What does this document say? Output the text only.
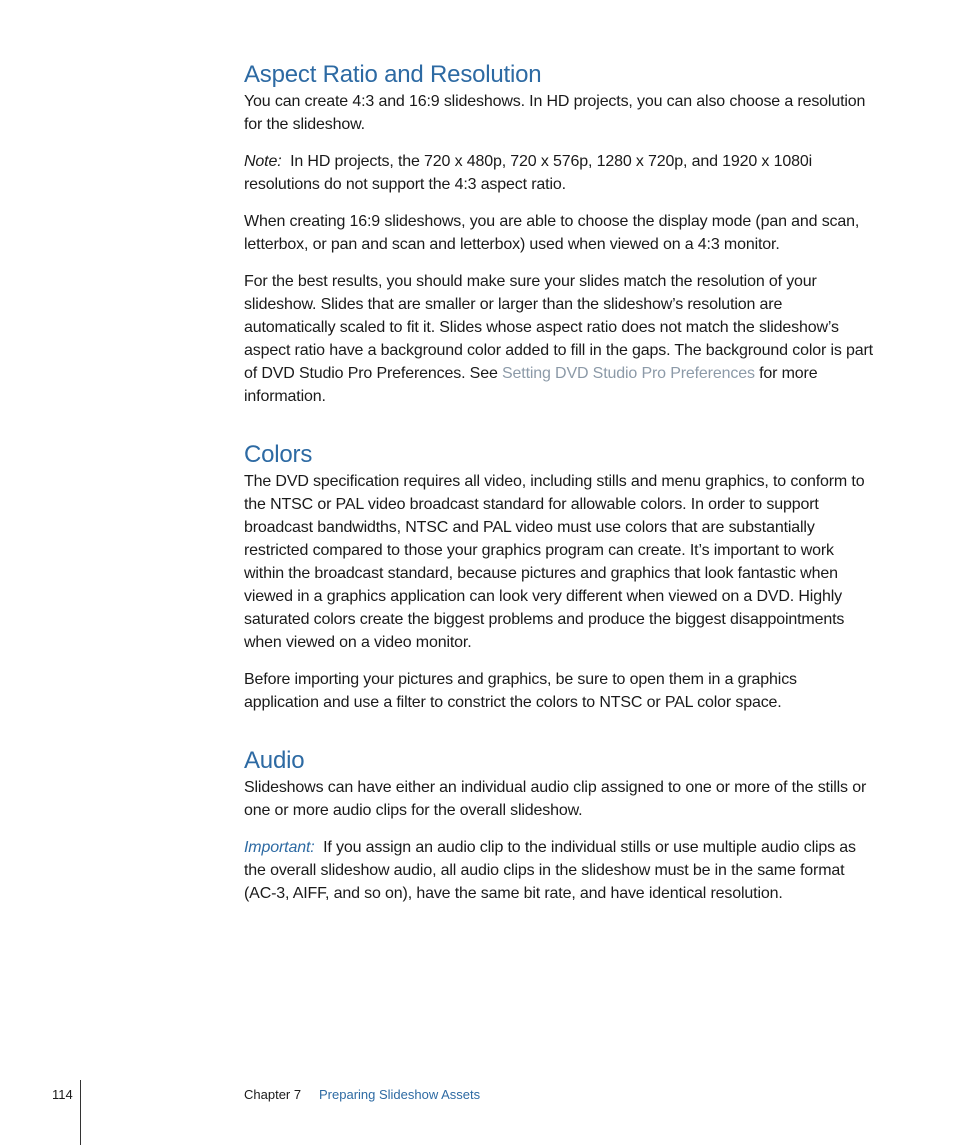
Aspect Ratio and Resolution

You can create 4:3 and 16:9 slideshows. In HD projects, you can also choose a resolution for the slideshow.

Note: In HD projects, the 720 x 480p, 720 x 576p, 1280 x 720p, and 1920 x 1080i resolutions do not support the 4:3 aspect ratio.

When creating 16:9 slideshows, you are able to choose the display mode (pan and scan, letterbox, or pan and scan and letterbox) used when viewed on a 4:3 monitor.

For the best results, you should make sure your slides match the resolution of your slideshow. Slides that are smaller or larger than the slideshow’s resolution are automatically scaled to fit it. Slides whose aspect ratio does not match the slideshow’s aspect ratio have a background color added to fill in the gaps. The background color is part of DVD Studio Pro Preferences. See Setting DVD Studio Pro Preferences for more information.

Colors

The DVD specification requires all video, including stills and menu graphics, to conform to the NTSC or PAL video broadcast standard for allowable colors. In order to support broadcast bandwidths, NTSC and PAL video must use colors that are substantially restricted compared to those your graphics program can create. It’s important to work within the broadcast standard, because pictures and graphics that look fantastic when viewed in a graphics application can look very different when viewed on a DVD. Highly saturated colors create the biggest problems and produce the biggest disappointments when viewed on a video monitor.

Before importing your pictures and graphics, be sure to open them in a graphics application and use a filter to constrict the colors to NTSC or PAL color space.

Audio

Slideshows can have either an individual audio clip assigned to one or more of the stills or one or more audio clips for the overall slideshow.

Important: If you assign an audio clip to the individual stills or use multiple audio clips as the overall slideshow audio, all audio clips in the slideshow must be in the same format (AC-3, AIFF, and so on), have the same bit rate, and have identical resolution.

114	Chapter 7 Preparing Slideshow Assets
